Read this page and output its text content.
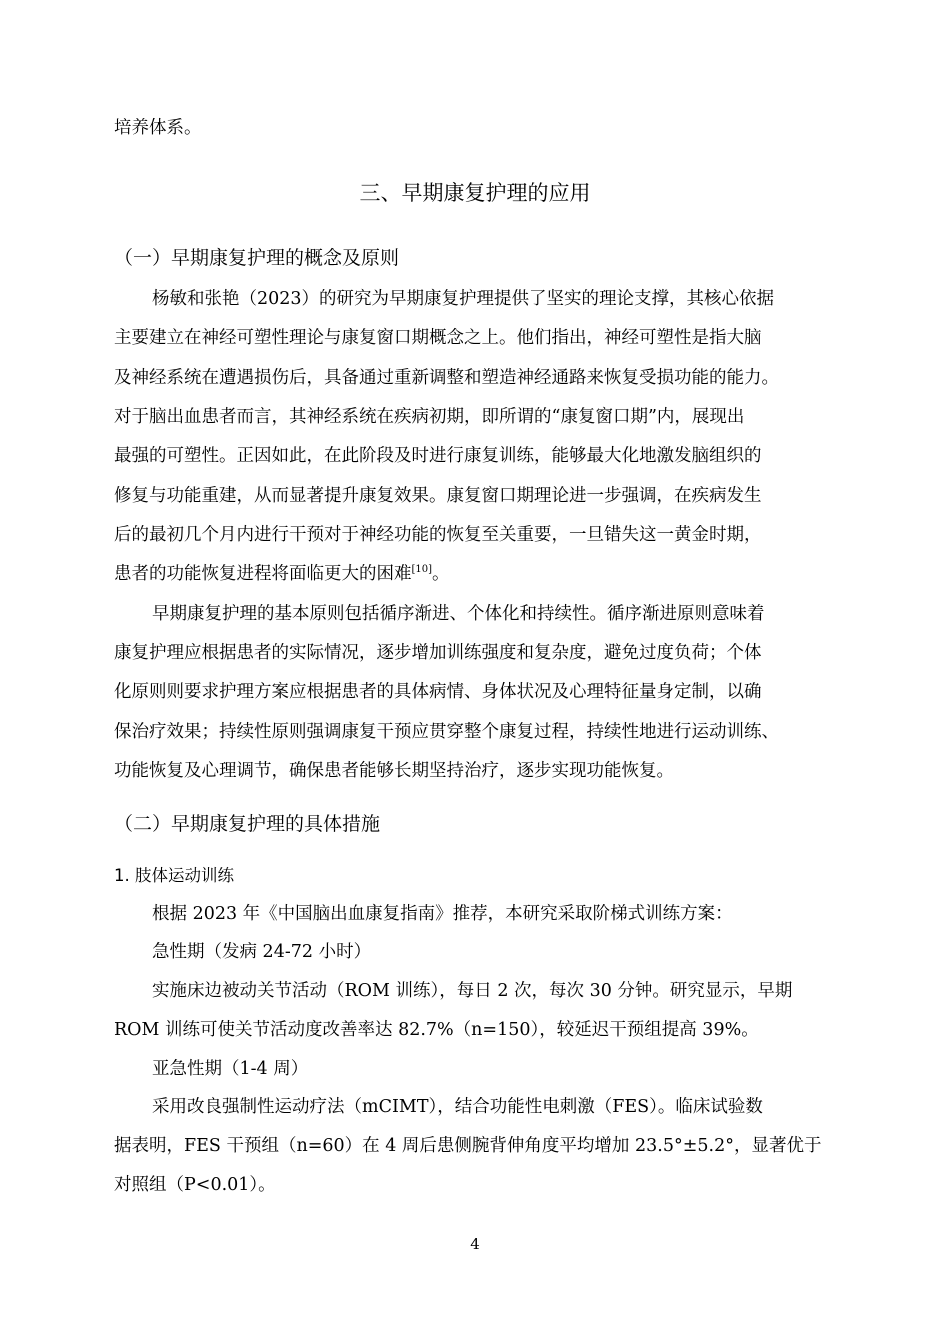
培养体系。
三、早期康复护理的应用
（一）早期康复护理的概念及原则
杨敏和张艳（2023）的研究为早期康复护理提供了坚实的理论支撑，其核心依据
主要建立在神经可塑性理论与康复窗口期概念之上。他们指出，神经可塑性是指大脑
及神经系统在遭遇损伤后，具备通过重新调整和塑造神经通路来恢复受损功能的能力。
对于脑出血患者而言，其神经系统在疾病初期，即所谓的“康复窗口期”内，展现出
最强的可塑性。正因如此，在此阶段及时进行康复训练，能够最大化地激发脑组织的
修复与功能重建，从而显著提升康复效果。康复窗口期理论进一步强调，在疾病发生
后的最初几个月内进行干预对于神经功能的恢复至关重要，一旦错失这一黄金时期，
患者的功能恢复进程将面临更大的困难[10]。
早期康复护理的基本原则包括循序渐进、个体化和持续性。循序渐进原则意味着
康复护理应根据患者的实际情况，逐步增加训练强度和复杂度，避免过度负荷；个体
化原则则要求护理方案应根据患者的具体病情、身体状况及心理特征量身定制，以确
保治疗效果；持续性原则强调康复干预应贯穿整个康复过程，持续性地进行运动训练、
功能恢复及心理调节，确保患者能够长期坚持治疗，逐步实现功能恢复。
（二）早期康复护理的具体措施
1. 肢体运动训练
根据 2023 年《中国脑出血康复指南》推荐，本研究采取阶梯式训练方案：
急性期（发病 24-72 小时）
实施床边被动关节活动（ROM 训练），每日 2 次，每次 30 分钟。研究显示，早期
ROM 训练可使关节活动度改善率达 82.7%（n=150），较延迟干预组提高 39%。
亚急性期（1-4 周）
采用改良强制性运动疗法（mCIMT），结合功能性电刺激（FES）。临床试验数
据表明，FES 干预组（n=60）在 4 周后患侧腕背伸角度平均增加 23.5°±5.2°，显著优于
对照组（P<0.01）。
4
